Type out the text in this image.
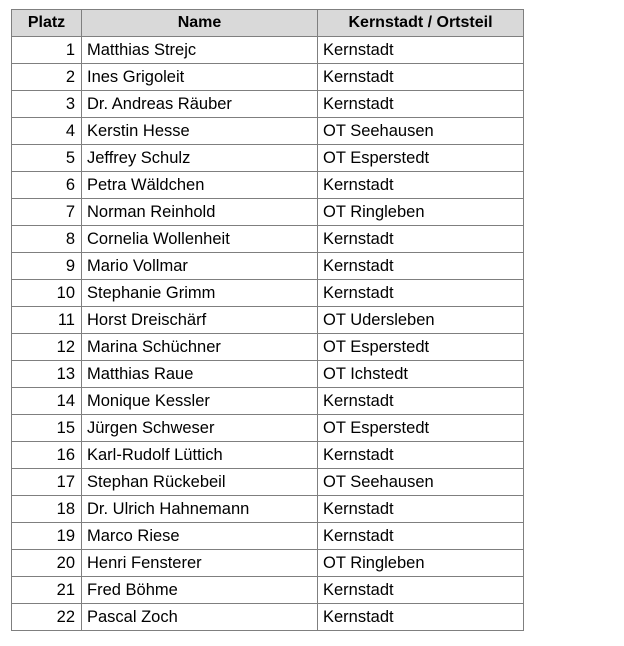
Platz	Name	Kernstadt / Ortsteil
1	Matthias Strejc	Kernstadt
2	Ines Grigoleit	Kernstadt
3	Dr. Andreas Räuber	Kernstadt
4	Kerstin Hesse	OT Seehausen
5	Jeffrey Schulz	OT Esperstedt
6	Petra Wäldchen	Kernstadt
7	Norman Reinhold	OT Ringleben
8	Cornelia Wollenheit	Kernstadt
9	Mario Vollmar	Kernstadt
10	Stephanie Grimm	Kernstadt
11	Horst Dreischärf	OT Udersleben
12	Marina Schüchner	OT Esperstedt
13	Matthias Raue	OT Ichstedt
14	Monique Kessler	Kernstadt
15	Jürgen Schweser	OT Esperstedt
16	Karl-Rudolf Lüttich	Kernstadt
17	Stephan Rückebeil	OT Seehausen
18	Dr. Ulrich Hahnemann	Kernstadt
19	Marco Riese	Kernstadt
20	Henri Fensterer	OT Ringleben
21	Fred Böhme	Kernstadt
22	Pascal Zoch	Kernstadt
